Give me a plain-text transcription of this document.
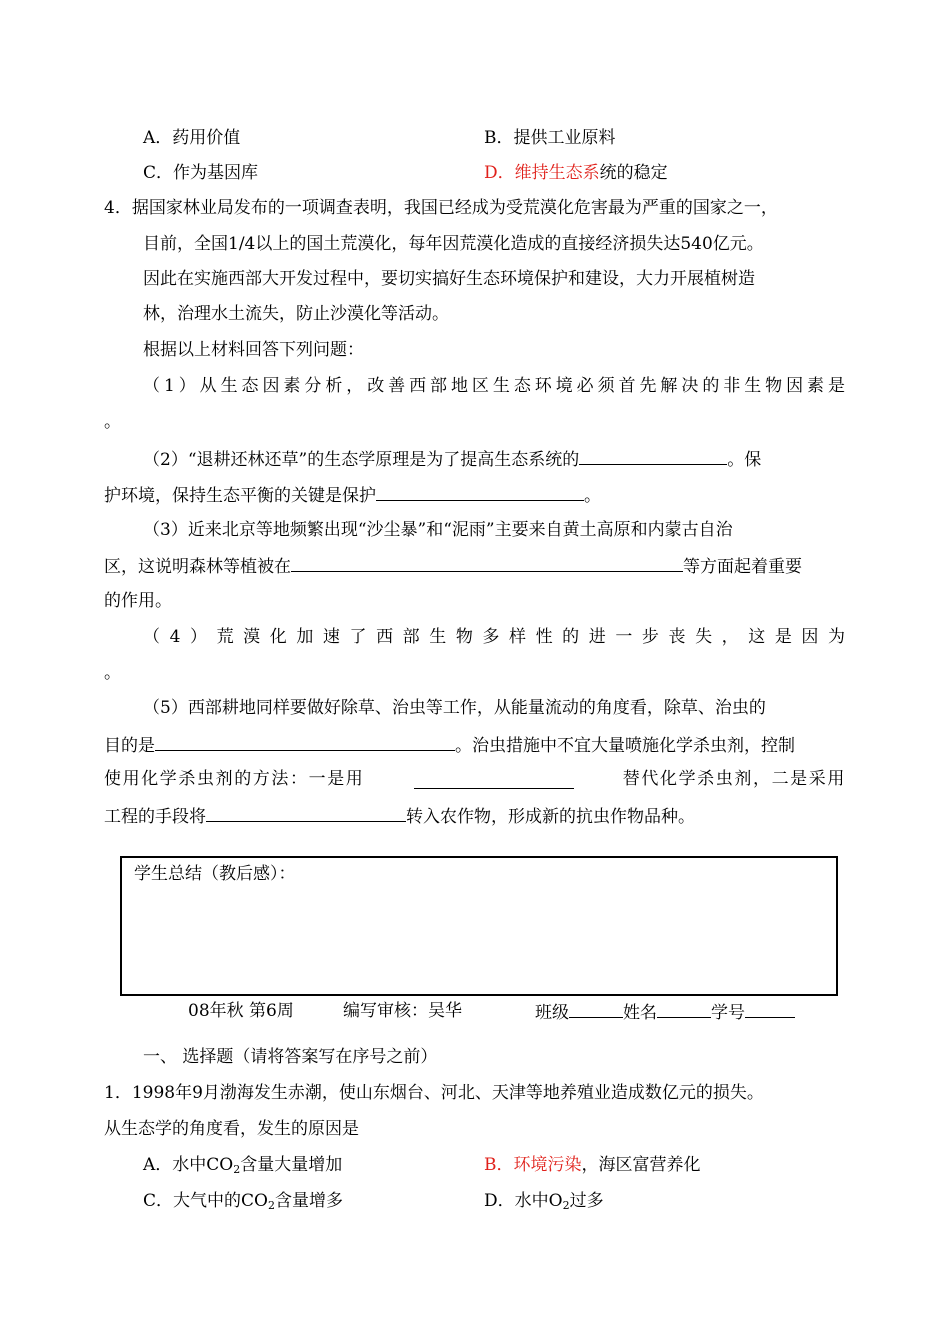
A．药用价值	B．提供工业原料
C．作为基因库	D．维持生态系统的稳定
4．据国家林业局发布的一项调查表明，我国已经成为受荒漠化危害最为严重的国家之一，
目前，全国1/4以上的国土荒漠化，每年因荒漠化造成的直接经济损失达540亿元。
因此在实施西部大开发过程中，要切实搞好生态环境保护和建设，大力开展植树造
林，治理水土流失，防止沙漠化等活动。
根据以上材料回答下列问题：
（1）从生态因素分析，改善西部地区生态环境必须首先解决的非生物因素是
。
（2）“退耕还林还草”的生态学原理是为了提高生态系统的	。保
护环境，保持生态平衡的关键是保护	。
（3）近来北京等地频繁出现“沙尘暴”和“泥雨”主要来自黄土高原和内蒙古自治
区，这说明森林等植被在	等方面起着重要
的作用。
（4）荒漠化加速了西部生物多样性的进一步丧失，这是因为
。
（5）西部耕地同样要做好除草、治虫等工作，从能量流动的角度看，除草、治虫的
目的是	。治虫措施中不宜大量喷施化学杀虫剂，控制
使用化学杀虫剂的方法：一是用	替代化学杀虫剂，二是采用
工程的手段将	转入农作物，形成新的抗虫作物品种。
学生总结（教后感）：
08年秋 第6周	编写审核：吴华	班级	姓名	学号
一、 选择题（请将答案写在序号之前）
1．1998年9月渤海发生赤潮，使山东烟台、河北、天津等地养殖业造成数亿元的损失。
从生态学的角度看，发生的原因是
A．水中$CO_2$含量大量增加	B．环境污染，海区富营养化
C．大气中的$CO_2$含量增多	D．水中$O_2$过多
